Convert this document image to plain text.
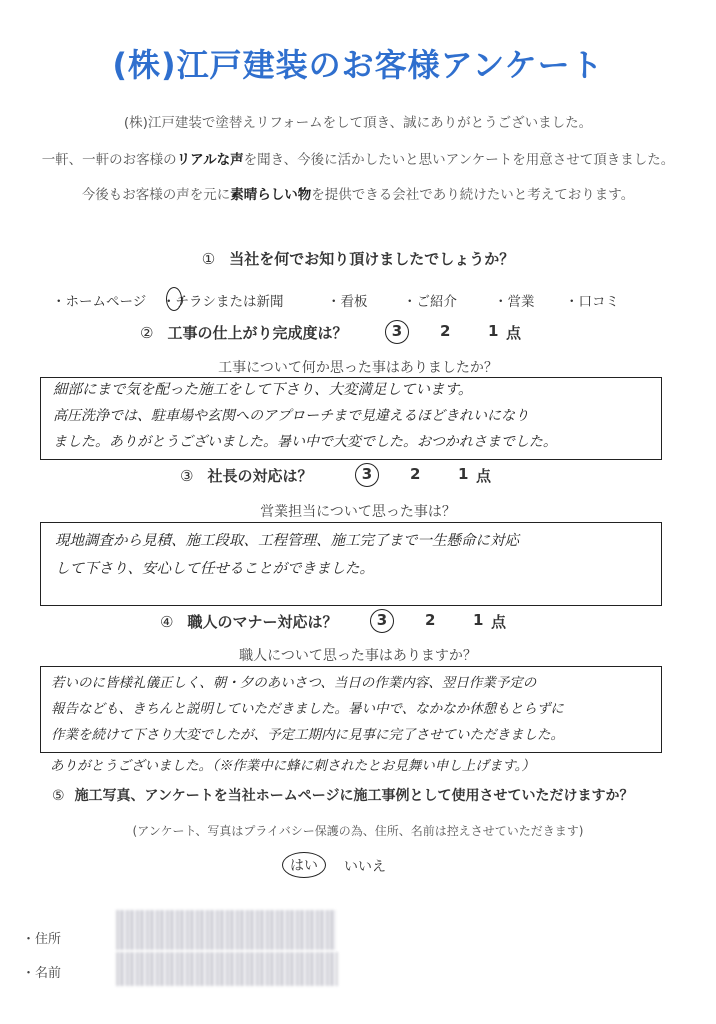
(株)江戸建装のお客様アンケート
(株)江戸建装で塗替えリフォームをして頂き、誠にありがとうございました。
一軒、一軒のお客様のリアルな声を聞き、今後に活かしたいと思いアンケートを用意させて頂きました。
今後もお客様の声を元に素晴らしい物を提供できる会社であり続けたいと考えております。
① 当社を何でお知り頂けましたでしょうか？
・ホームページ ・チラシまたは新聞	・看板	・ご紹介	・営業 ・口コミ
② 工事の仕上がり完成度は？	3	2	1 点
工事について何か思った事はありましたか？
細部にまで気を配った施工をして下さり、大変満足しています。
高圧洗浄では、駐車場や玄関へのアプローチまで見違えるほどきれいになり
ました。ありがとうございました。暑い中で大変でした。おつかれさまでした。
③ 社長の対応は？	3	2	1 点
営業担当について思った事は？
現地調査から見積、施工段取、工程管理、施工完了まで一生懸命に対応
して下さり、安心して任せることができました。
④ 職人のマナー対応は？	3	2	1 点
職人について思った事はありますか？
若いのに皆様礼儀正しく、朝・夕のあいさつ、当日の作業内容、翌日作業予定の
報告なども、きちんと説明していただきました。暑い中で、なかなか休憩もとらずに
作業を続けて下さり大変でしたが、予定工期内に見事に完了させていただきました。
ありがとうございました。（※作業中に蜂に刺されたとお見舞い申し上げます。）
⑤ 施工写真、アンケートを当社ホームページに施工事例として使用させていただけますか？
(アンケート、写真はプライバシー保護の為、住所、名前は控えさせていただきます)
はい	いいえ
・住所
・名前
